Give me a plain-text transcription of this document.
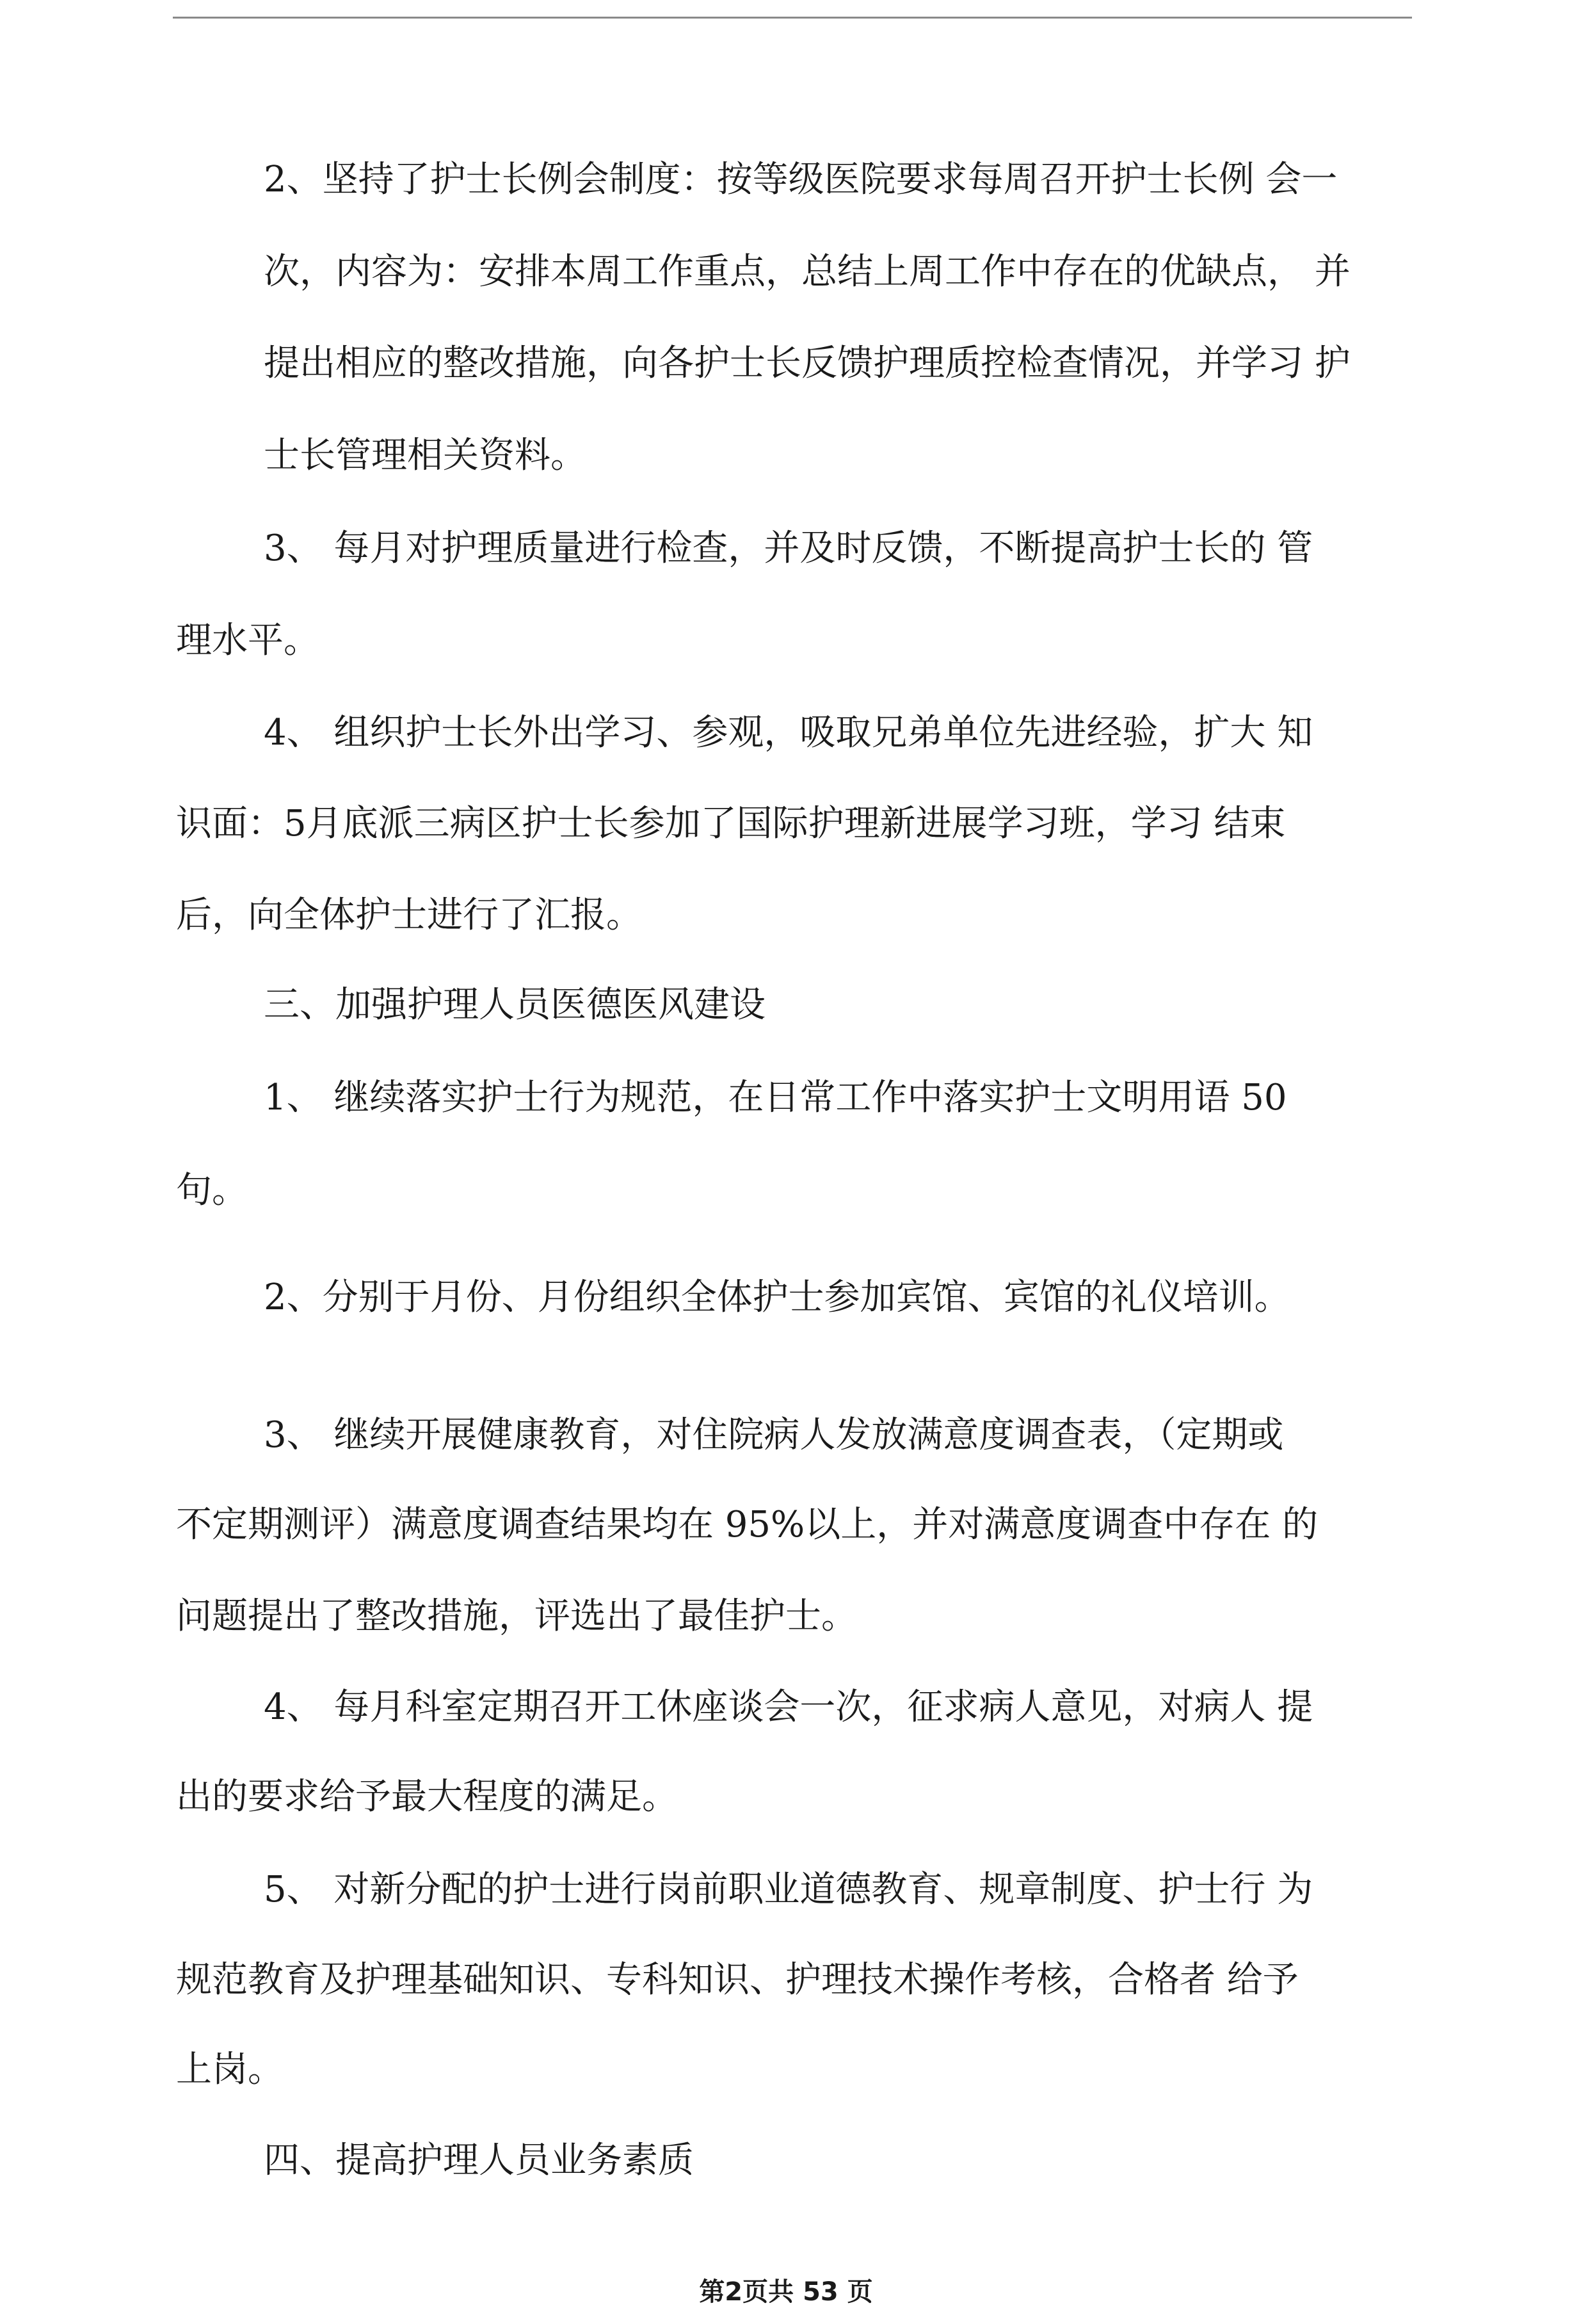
2、坚持了护士长例会制度：按等级医院要求每周召开护士长例 会一

次，内容为：安排本周工作重点，总结上周工作中存在的优缺点， 并

提出相应的整改措施，向各护士长反馈护理质控检查情况，并学习 护

士长管理相关资料。

3、 每月对护理质量进行检查，并及时反馈，不断提高护士长的 管

理水平。

4、 组织护士长外出学习、参观，吸取兄弟单位先进经验，扩大 知

识面：5月底派三病区护士长参加了国际护理新进展学习班，学习 结束

后，向全体护士进行了汇报。

三、加强护理人员医德医风建设

1、 继续落实护士行为规范，在日常工作中落实护士文明用语 50

句。

2、分别于月份、月份组织全体护士参加宾馆、宾馆的礼仪培训。

3、 继续开展健康教育，对住院病人发放满意度调查表，（定期或

不定期测评）满意度调查结果均在 95%以上，并对满意度调查中存在 的

问题提出了整改措施，评选出了最佳护士。

4、 每月科室定期召开工休座谈会一次，征求病人意见，对病人 提

出的要求给予最大程度的满足。

5、 对新分配的护士进行岗前职业道德教育、规章制度、护士行 为

规范教育及护理基础知识、专科知识、护理技术操作考核，合格者 给予

上岗。

四、提高护理人员业务素质

第2页共 53 页
